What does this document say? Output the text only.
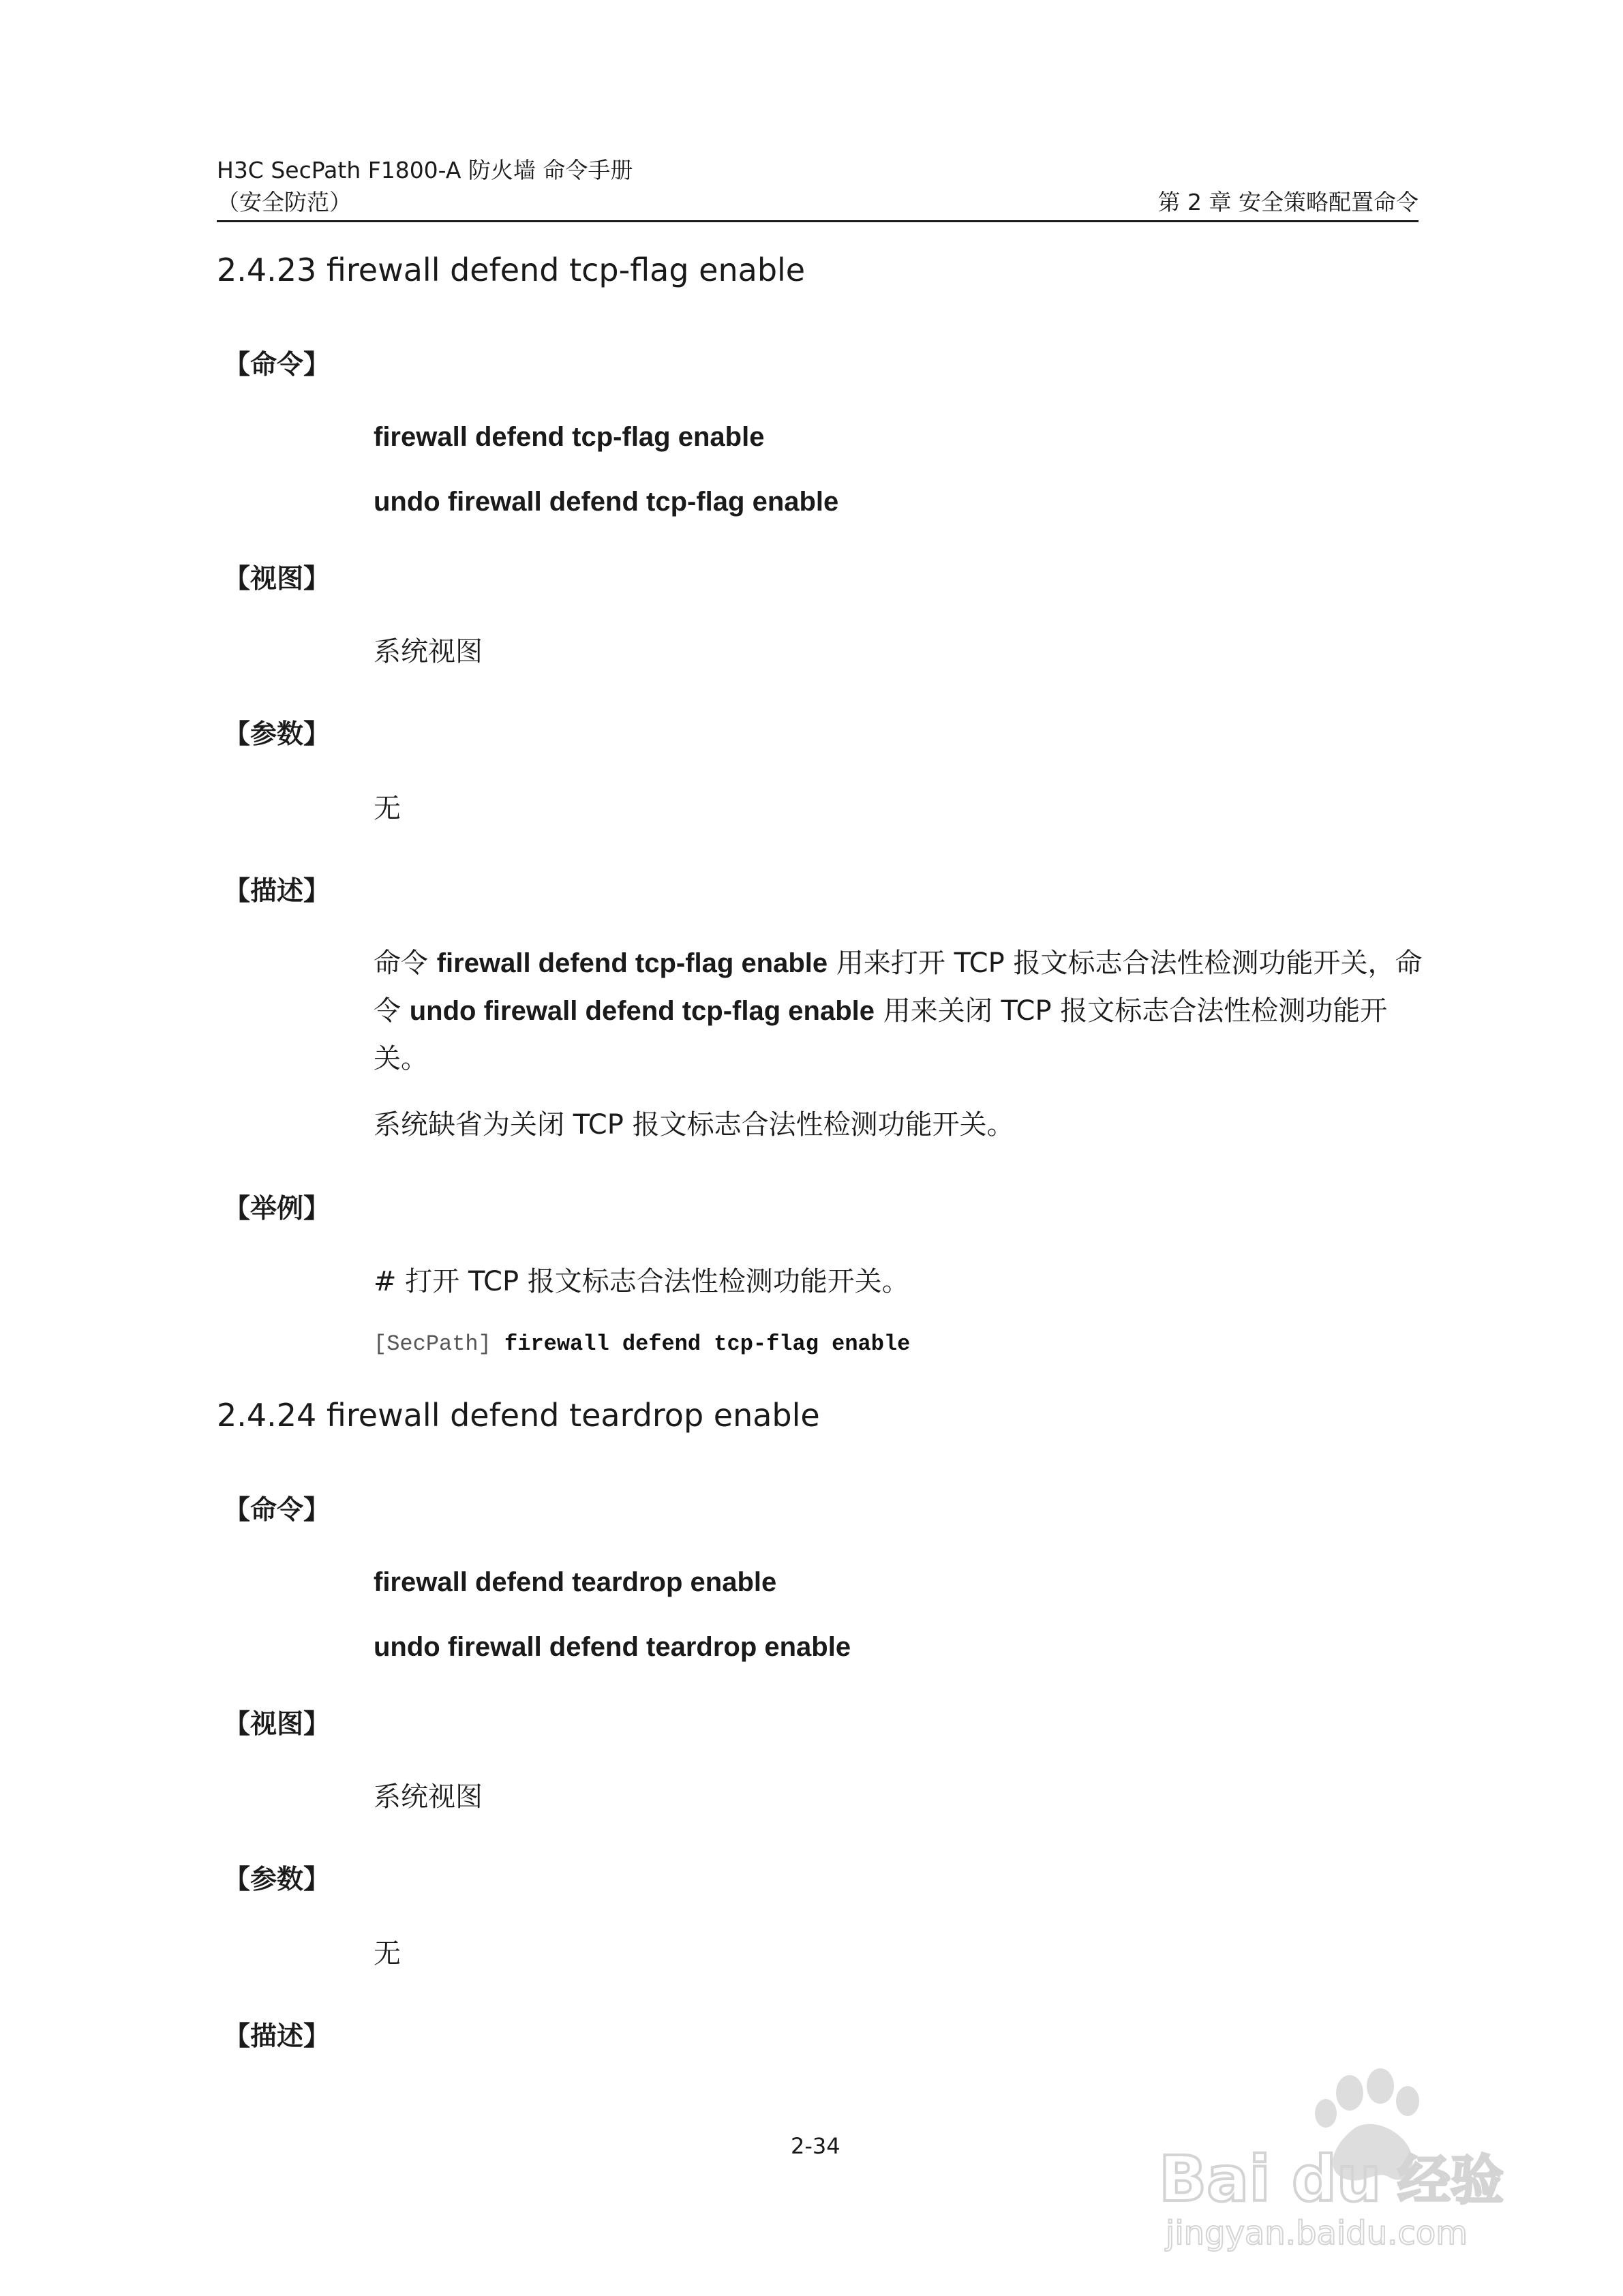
H3C SecPath F1800-A 防火墙 命令手册
（安全防范）	第 2 章 安全策略配置命令
2.4.23 firewall defend tcp-flag enable
【命令】
firewall defend tcp-flag enable
undo firewall defend tcp-flag enable
【视图】
系统视图
【参数】
无
【描述】
命令 firewall defend tcp-flag enable 用来打开 TCP 报文标志合法性检测功能开关，命令 undo firewall defend tcp-flag enable 用来关闭 TCP 报文标志合法性检测功能开关。
系统缺省为关闭 TCP 报文标志合法性检测功能开关。
【举例】
# 打开 TCP 报文标志合法性检测功能开关。
[SecPath] firewall defend tcp-flag enable
2.4.24 firewall defend teardrop enable
【命令】
firewall defend teardrop enable
undo firewall defend teardrop enable
【视图】
系统视图
【参数】
无
【描述】
2-34	Bai du 经验
jingyan.baidu.com
